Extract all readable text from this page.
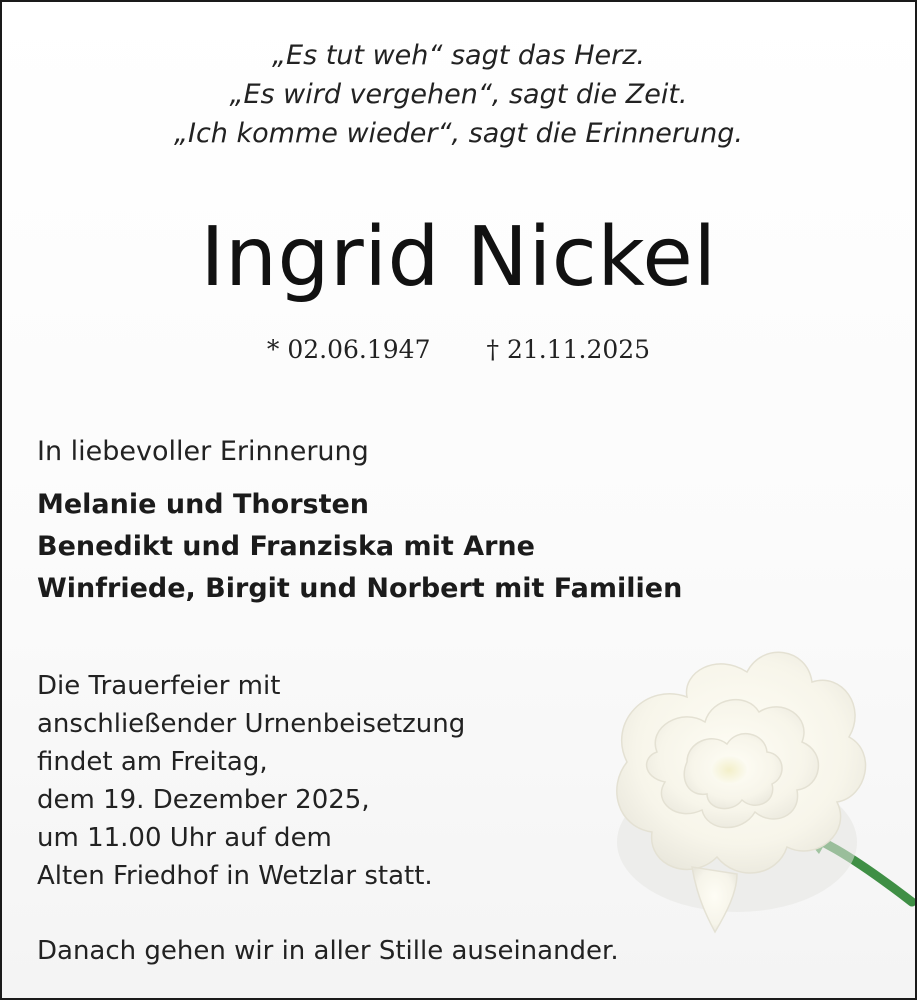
„Es tut weh“ sagt das Herz.
„Es wird vergehen“, sagt die Zeit.
„Ich komme wieder“, sagt die Erinnerung.
Ingrid Nickel
* 02.06.1947 † 21.11.2025
In liebevoller Erinnerung
Melanie und Thorsten
Benedikt und Franziska mit Arne
Winfriede, Birgit und Norbert mit Familien
Die Trauerfeier mit
anschließender Urnenbeisetzung
findet am Freitag,
dem 19. Dezember 2025,
um 11.00 Uhr auf dem
Alten Friedhof in Wetzlar statt.
Danach gehen wir in aller Stille auseinander.
